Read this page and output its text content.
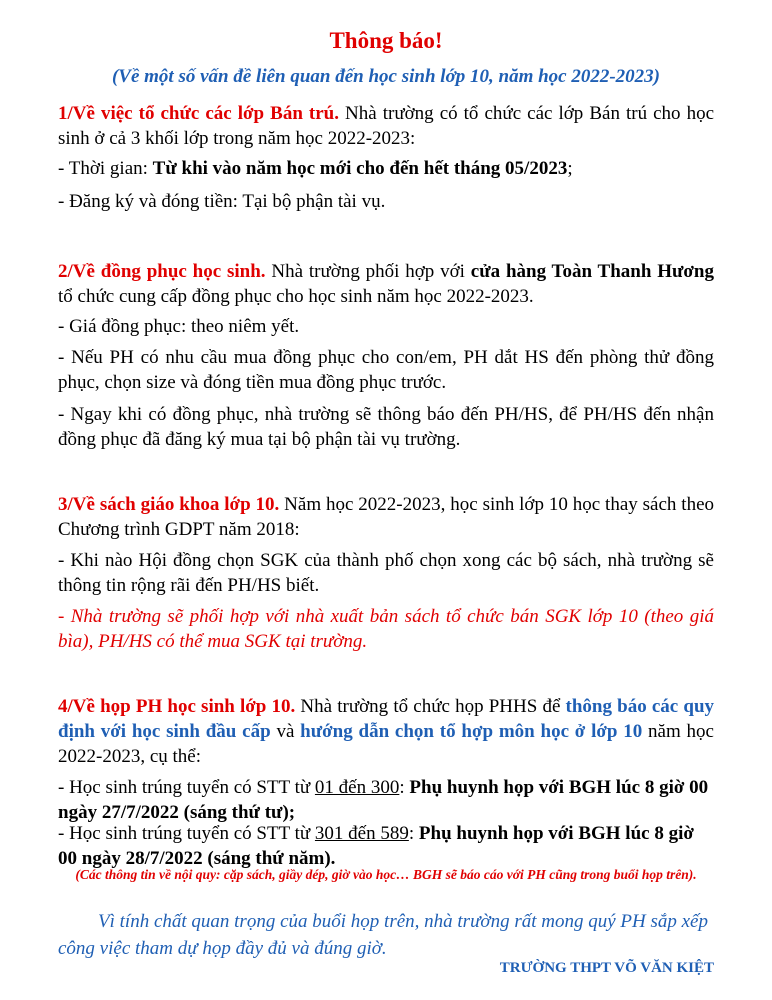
Thông báo!
(Về một số vấn đề liên quan đến học sinh lớp 10, năm học 2022-2023)
1/Về việc tổ chức các lớp Bán trú. Nhà trường có tổ chức các lớp Bán trú cho học sinh ở cả 3 khối lớp trong năm học 2022-2023:
- Thời gian: Từ khi vào năm học mới cho đến hết tháng 05/2023;
- Đăng ký và đóng tiền: Tại bộ phận tài vụ.
2/Về đồng phục học sinh. Nhà trường phối hợp với cửa hàng Toàn Thanh Hương tổ chức cung cấp đồng phục cho học sinh năm học 2022-2023.
- Giá đồng phục: theo niêm yết.
- Nếu PH có nhu cầu mua đồng phục cho con/em, PH dắt HS đến phòng thử đồng phục, chọn size và đóng tiền mua đồng phục trước.
- Ngay khi có đồng phục, nhà trường sẽ thông báo đến PH/HS, để PH/HS đến nhận đồng phục đã đăng ký mua tại bộ phận tài vụ trường.
3/Về sách giáo khoa lớp 10. Năm học 2022-2023, học sinh lớp 10 học thay sách theo Chương trình GDPT năm 2018:
- Khi nào Hội đồng chọn SGK của thành phố chọn xong các bộ sách, nhà trường sẽ thông tin rộng rãi đến PH/HS biết.
- Nhà trường sẽ phối hợp với nhà xuất bản sách tổ chức bán SGK lớp 10 (theo giá bìa), PH/HS có thể mua SGK tại trường.
4/Về họp PH học sinh lớp 10. Nhà trường tổ chức họp PHHS để thông báo các quy định với học sinh đầu cấp và hướng dẫn chọn tổ hợp môn học ở lớp 10 năm học 2022-2023, cụ thể:
- Học sinh trúng tuyển có STT từ 01 đến 300: Phụ huynh họp với BGH lúc 8 giờ 00 ngày 27/7/2022 (sáng thứ tư);
- Học sinh trúng tuyển có STT từ 301 đến 589: Phụ huynh họp với BGH lúc 8 giờ 00 ngày 28/7/2022 (sáng thứ năm).
(Các thông tin về nội quy: cặp sách, giầy dép, giờ vào học… BGH sẽ báo cáo với PH cũng trong buổi họp trên).
Vì tính chất quan trọng của buổi họp trên, nhà trường rất mong quý PH sắp xếp công việc tham dự họp đầy đủ và đúng giờ.
TRƯỜNG THPT VÕ VĂN KIỆT
